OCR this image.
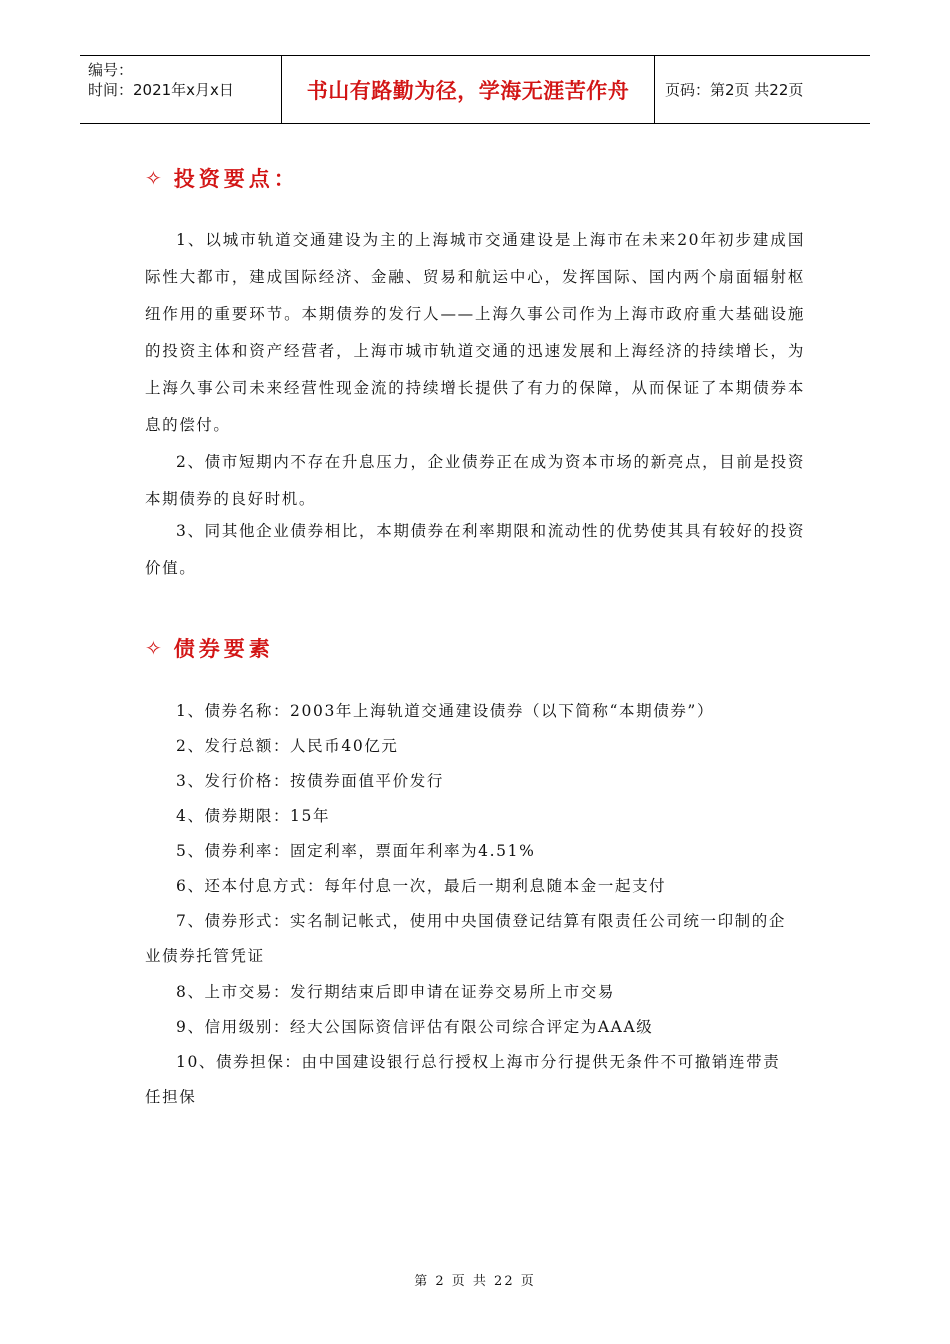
编号：
时间：2021年x月x日	书山有路勤为径，学海无涯苦作舟	页码：第2页 共22页
✧ 投资要点：

1、以城市轨道交通建设为主的上海城市交通建设是上海市在未来20年初步建成国际性大都市，建成国际经济、金融、贸易和航运中心，发挥国际、国内两个扇面辐射枢纽作用的重要环节。本期债券的发行人——上海久事公司作为上海市政府重大基础设施的投资主体和资产经营者，上海市城市轨道交通的迅速发展和上海经济的持续增长，为上海久事公司未来经营性现金流的持续增长提供了有力的保障，从而保证了本期债券本息的偿付。

2、债市短期内不存在升息压力，企业债券正在成为资本市场的新亮点，目前是投资本期债券的良好时机。

3、同其他企业债券相比，本期债券在利率期限和流动性的优势使其具有较好的投资价值。

✧ 债券要素
1、债券名称：2003年上海轨道交通建设债券（以下简称“本期债券”）
2、发行总额：人民币40亿元
3、发行价格：按债券面值平价发行
4、债券期限：15年
5、债券利率：固定利率，票面年利率为4.51%
6、还本付息方式：每年付息一次，最后一期利息随本金一起支付
7、债券形式：实名制记帐式，使用中央国债登记结算有限责任公司统一印制的企
业债券托管凭证
8、上市交易：发行期结束后即申请在证券交易所上市交易
9、信用级别：经大公国际资信评估有限公司综合评定为AAA级
10、债券担保：由中国建设银行总行授权上海市分行提供无条件不可撤销连带责
任担保
第 2 页 共 22 页
